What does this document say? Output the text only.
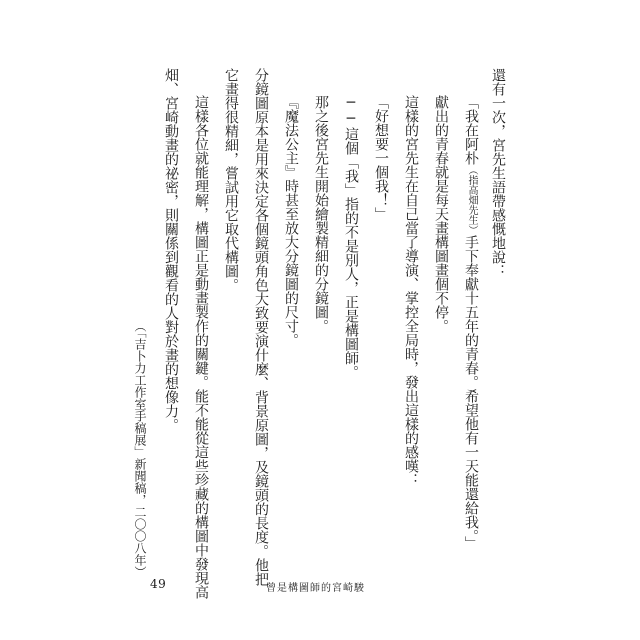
還有一次，宮先生語帶感慨地說：
「我在阿朴（指高畑先生）手下奉獻十五年的青春。希望他有一天能還給我。」
獻出的青春就是每天畫構圖畫個不停。
這樣的宮先生在自己當了導演、掌控全局時，發出這樣的感嘆：
「好想要一個我！」
──這個「我」指的不是別人，正是構圖師。
那之後宮先生開始繪製精細的分鏡圖。
『魔法公主』時甚至放大分鏡圖的尺寸。
分鏡圖原本是用來決定各個鏡頭角色大致要演什麼、背景原圖，及鏡頭的長度。他把
它畫得很精細，嘗試用它取代構圖。
這樣各位就能理解，構圖正是動畫製作的關鍵。能不能從這些珍藏的構圖中發現高
畑、宮崎動畫的祕密，則關係到觀看的人對於畫的想像力。
（「吉卜力工作室手稿展」新聞稿，二〇〇八年）
49	曾是構圖師的宮崎駿
